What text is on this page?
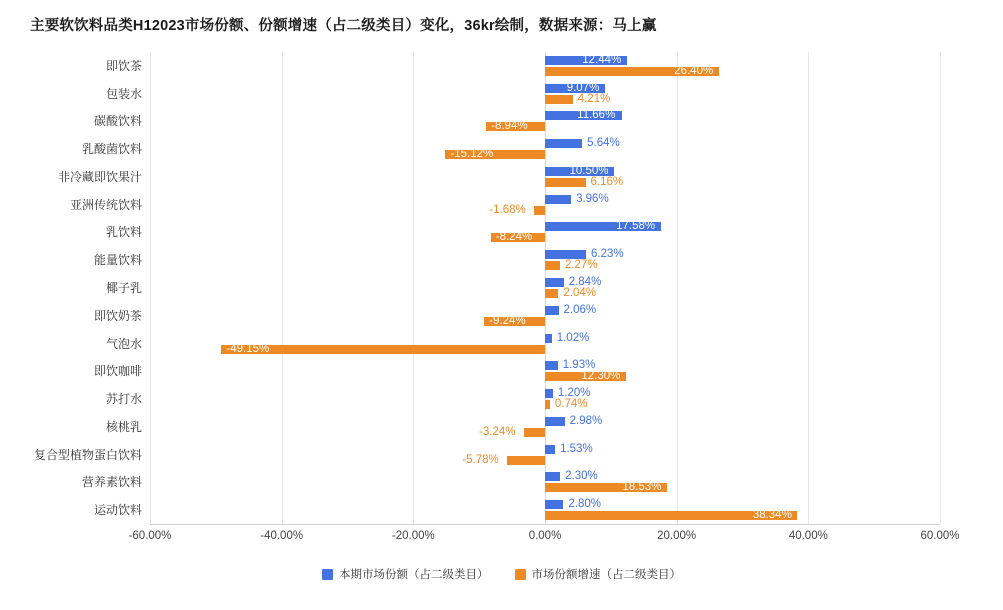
主要软饮料品类H12023市场份额、份额增速（占二级类目）变化，36kr绘制，数据来源：马上赢
即饮茶	12.44%
26.40%
包装水	9.07%
4.21%
碳酸饮料	11.66%
-8.94%
乳酸菌饮料	5.64%
-15.12%
非冷藏即饮果汁	10.50%
6.16%
亚洲传统饮料	3.96%
-1.68%
乳饮料	17.58%
-8.24%
能量饮料	6.23%
2.27%
椰子乳	2.84%
2.04%
即饮奶茶	2.06%
-9.24%
气泡水	1.02%
-49.15%
即饮咖啡	1.93%
12.30%
苏打水	1.20%
0.74%
核桃乳	2.98%
-3.24%
复合型植物蛋白饮料	1.53%
-5.78%
营养素饮料	2.30%
18.53%
运动饮料	2.80%
38.34%
-60.00%	-40.00%	-20.00%	0.00%	20.00%	40.00%	60.00%
本期市场份额（占二级类目）	市场份额增速（占二级类目）
